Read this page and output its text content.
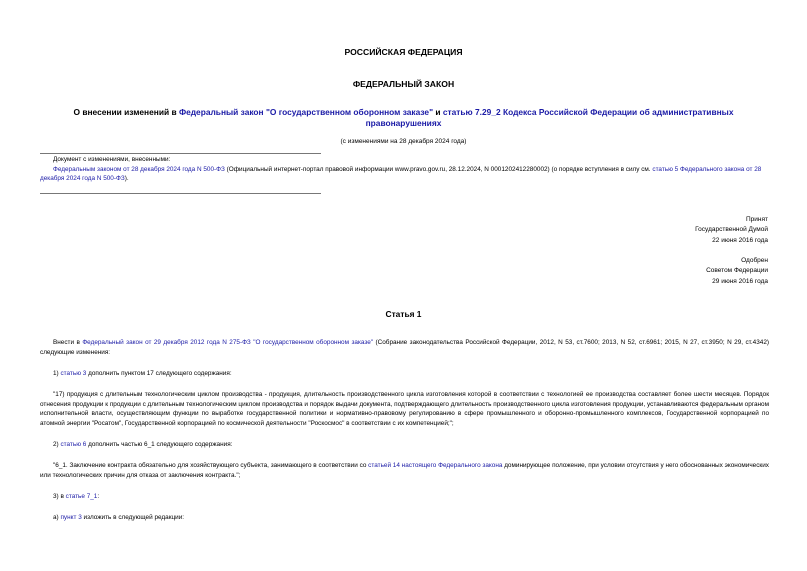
РОССИЙСКАЯ ФЕДЕРАЦИЯ
ФЕДЕРАЛЬНЫЙ ЗАКОН
О внесении изменений в Федеральный закон "О государственном оборонном заказе" и статью 7.29_2 Кодекса Российской Федерации об административных правонарушениях
(с изменениями на 28 декабря 2024 года)
Документ с изменениями, внесенными:
Федеральным законом от 28 декабря 2024 года N 500-ФЗ (Официальный интернет-портал правовой информации www.pravo.gov.ru, 28.12.2024, N 0001202412280002) (о порядке вступления в силу см. статью 5 Федерального закона от 28 декабря 2024 года N 500-ФЗ).
Принят
Государственной Думой
22 июня 2016 года
Одобрен
Советом Федерации
29 июня 2016 года
Статья 1
Внести в Федеральный закон от 29 декабря 2012 года N 275-ФЗ "О государственном оборонном заказе" (Собрание законодательства Российской Федерации, 2012, N 53, ст.7600; 2013, N 52, ст.6961; 2015, N 27, ст.3950; N 29, ст.4342) следующие изменения:
1) статью 3 дополнить пунктом 17 следующего содержания:
"17) продукция с длительным технологическим циклом производства - продукция, длительность производственного цикла изготовления которой в соответствии с технологией ее производства составляет более шести месяцев. Порядок отнесения продукции к продукции с длительным технологическим циклом производства и порядок выдачи документа, подтверждающего длительность производственного цикла изготовления продукции, устанавливаются федеральным органом исполнительной власти, осуществляющим функции по выработке государственной политики и нормативно-правовому регулированию в сфере промышленного и оборонно-промышленного комплексов, Государственной корпорацией по атомной энергии "Росатом", Государственной корпорацией по космической деятельности "Роскосмос" в соответствии с их компетенцией;";
2) статью 6 дополнить частью 6_1 следующего содержания:
"6_1. Заключение контракта обязательно для хозяйствующего субъекта, занимающего в соответствии со статьей 14 настоящего Федерального закона доминирующее положение, при условии отсутствия у него обоснованных экономических или технологических причин для отказа от заключения контракта.";
3) в статье 7_1:
а) пункт 3 изложить в следующей редакции:
